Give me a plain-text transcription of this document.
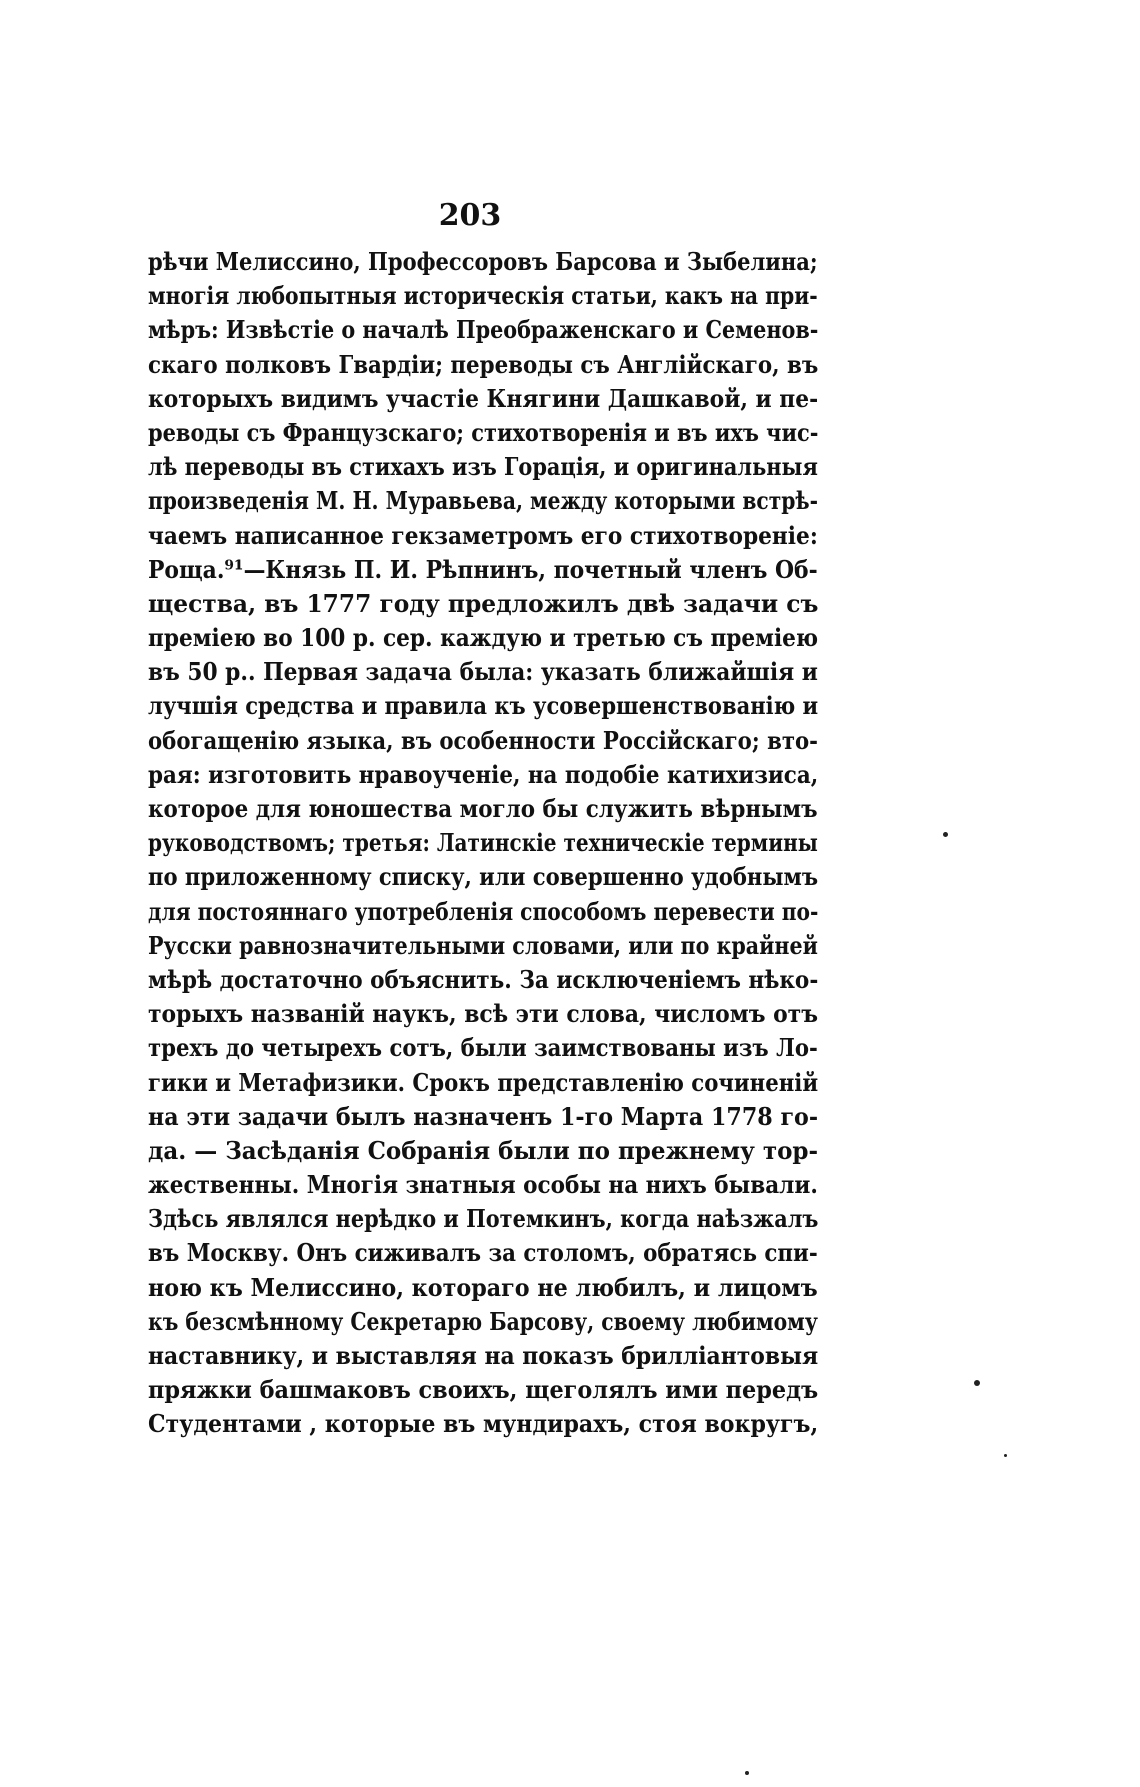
203
рѣчи Мелиссино, Профессоровъ Барсова и Зыбелина;
многія любопытныя историческія статьи, какъ на при-
мѣръ: Извѣстіе о началѣ Преображенскаго и Семенов-
скаго полковъ Гвардіи; переводы съ Англійскаго, въ
которыхъ видимъ участіе Княгини Дашкавой, и пе-
реводы съ Французскаго; стихотворенія и въ ихъ чис-
лѣ переводы въ стихахъ изъ Горація, и оригинальныя
произведенія М. Н. Муравьева, между которыми встрѣ-
чаемъ написанное гекзаметромъ его стихотвореніе:
Роща.⁹¹—Князь П. И. Рѣпнинъ, почетный членъ Об-
щества, въ 1777 году предложилъ двѣ задачи съ
преміею во 100 р. сер. каждую и третью съ преміею
въ 50 р.. Первая задача была: указать ближайшія и
лучшія средства и правила къ усовершенствованію и
обогащенію языка, въ особенности Россійскаго; вто-
рая: изготовить нравоученіе, на подобіе катихизиса,
которое для юношества могло бы служить вѣрнымъ
руководствомъ; третья: Латинскіе техническіе термины
по приложенному списку, или совершенно удобнымъ
для постояннаго употребленія способомъ перевести по-
Русски равнозначительными словами, или по крайней
мѣрѣ достаточно объяснить. За исключеніемъ нѣко-
торыхъ названій наукъ, всѣ эти слова, числомъ отъ
трехъ до четырехъ сотъ, были заимствованы изъ Ло-
гики и Метафизики. Срокъ представленію сочиненій
на эти задачи былъ назначенъ 1-го Марта 1778 го-
да. — Засѣданія Собранія были по прежнему тор-
жественны. Многія знатныя особы на нихъ бывали.
Здѣсь являлся нерѣдко и Потемкинъ, когда наѣзжалъ
въ Москву. Онъ сиживалъ за столомъ, обратясь спи-
ною къ Мелиссино, котораго не любилъ, и лицомъ
къ безсмѣнному Секретарю Барсову, своему любимому
наставнику, и выставляя на показъ бриллiантовыя
пряжки башмаковъ своихъ, щеголялъ ими передъ
Студентами , которые въ мундирахъ, стоя вокругъ,
